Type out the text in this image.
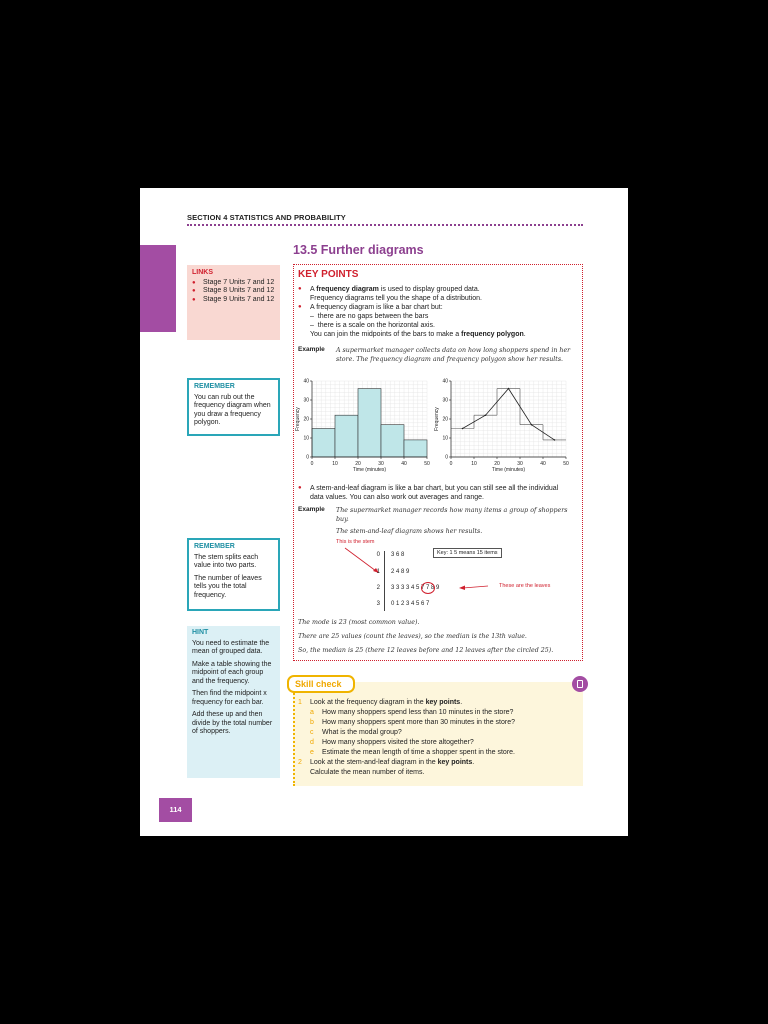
SECTION 4 STATISTICS AND PROBABILITY
13.5 Further diagrams
LINKS
● Stage 7 Units 7 and 12
● Stage 8 Units 7 and 12
● Stage 9 Units 7 and 12
REMEMBER

You can rub out the frequency diagram when you draw a frequency polygon.

REMEMBER

The stem splits each value into two parts.

The number of leaves tells you the total frequency.

HINT

You need to estimate the mean of grouped data.

Make a table showing the midpoint of each group and the frequency.

Then find the midpoint x frequency for each bar.

Add these up and then divide by the total number of shoppers.

KEY POINTS
● A frequency diagram is used to display grouped data.
Frequency diagrams tell you the shape of a distribution.
● A frequency diagram is like a bar chart but:
–  there are no gaps between the bars
–  there is a scale on the horizontal axis.
You can join the midpoints of the bars to make a frequency polygon.
Example A supermarket manager collects data on how long shoppers spend in her store. The frequency diagram and frequency polygon show her results.
0	10	20	30	40	50
0
10
20
30
40
Time (minutes)
Frequency
0	10	20	30	40	50
0
10
20
30
40
Time (minutes)
Frequency
● A stem-and-leaf diagram is like a bar chart, but you can still see all the individual data values. You can also work out averages and range.
Example The supermarket manager records how many items a group of shoppers buy.
The stem-and-leaf diagram shows her results.
This is the stem
Key: 1 5 means 15 items
0 3 6 8
1 2 4 8 9
2 3 3 3 3 4 5 7 7 8 9
3 0 1 2 3 4 5 6 7
These are the leaves
The mode is 23 (most common value).
There are 25 values (count the leaves), so the median is the 13th value.
So, the median is 25 (there 12 leaves before and 12 leaves after the circled 25).
Skill check
1 Look at the frequency diagram in the key points.
a How many shoppers spend less than 10 minutes in the store?
b How many shoppers spent more than 30 minutes in the store?
c What is the modal group?
d How many shoppers visited the store altogether?
e Estimate the mean length of time a shopper spent in the store.
2 Look at the stem-and-leaf diagram in the key points.
Calculate the mean number of items.
114
